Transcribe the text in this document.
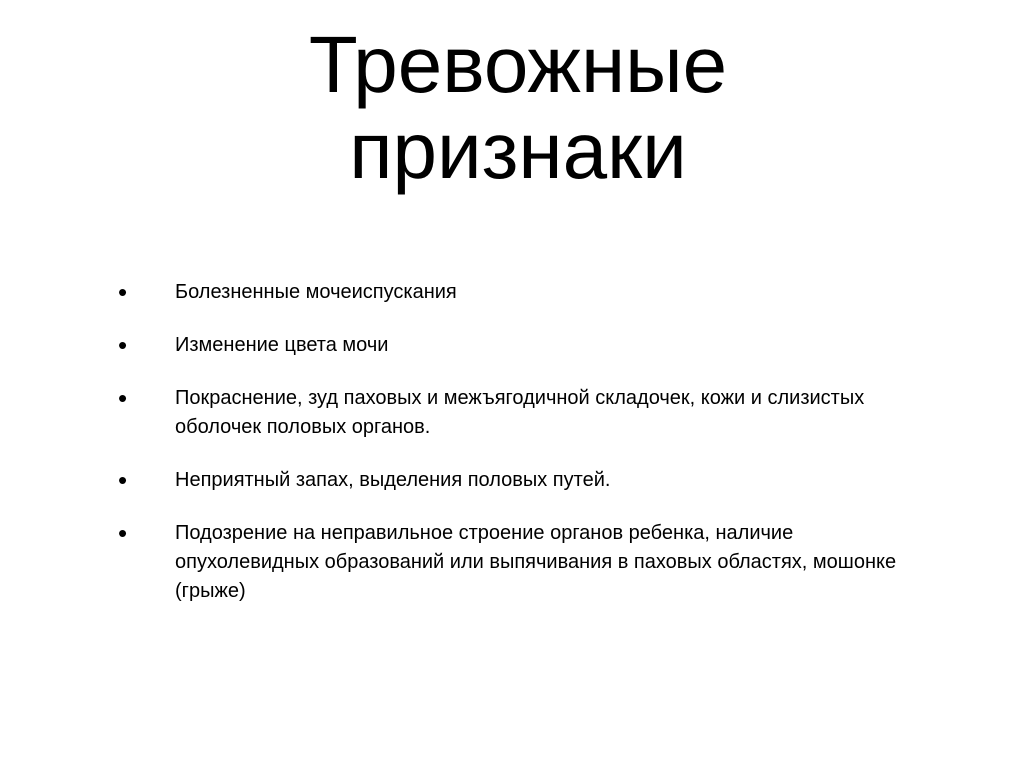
Тревожные
признаки
• Болезненные мочеиспускания
• Изменение цвета мочи
• Покраснение, зуд паховых и межъягодичной складочек, кожи и слизистых оболочек половых органов.
• Неприятный запах, выделения половых путей.
• Подозрение на неправильное строение органов ребенка, наличие опухолевидных образований или выпячивания в паховых областях, мошонке (грыже)
